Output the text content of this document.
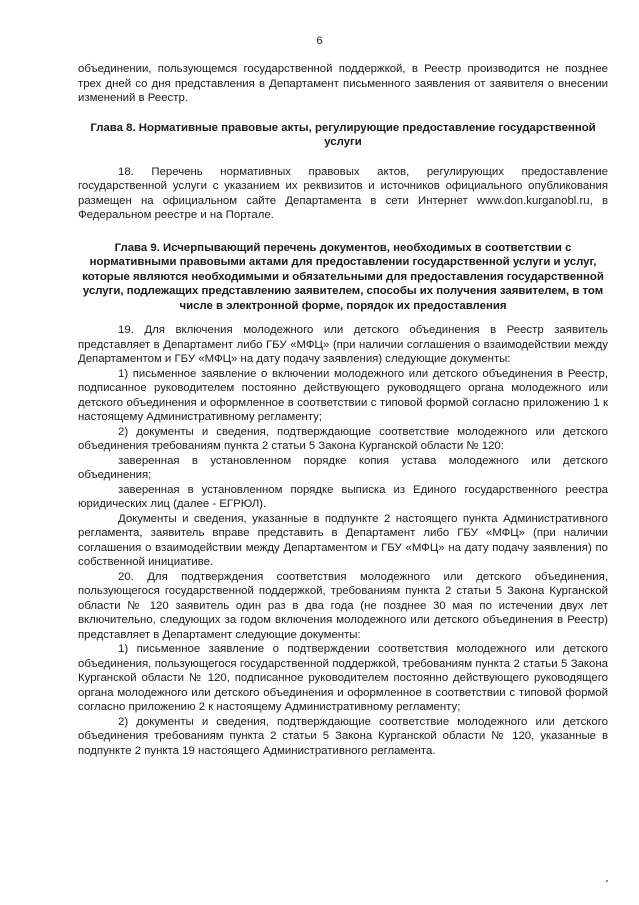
6

объединении, пользующемся государственной поддержкой, в Реестр производится не позднее трех дней со дня представления в Департамент письменного заявления от заявителя о внесении изменений в Реестр.

Глава 8. Нормативные правовые акты, регулирующие предоставление государственной услуги

18. Перечень нормативных правовых актов, регулирующих предоставление государственной услуги с указанием их реквизитов и источников официального опубликования размещен на официальном сайте Департамента в сети Интернет www.don.kurganobl.ru, в Федеральном реестре и на Портале.

Глава 9. Исчерпывающий перечень документов, необходимых в соответствии с нормативными правовыми актами для предоставлении государственной услуги и услуг, которые являются необходимыми и обязательными для предоставления государственной услуги, подлежащих представлению заявителем, способы их получения заявителем, в том числе в электронной форме, порядок их предоставления

19. Для включения молодежного или детского объединения в Реестр заявитель представляет в Департамент либо ГБУ «МФЦ» (при наличии соглашения о взаимодействии между Департаментом и ГБУ «МФЦ» на дату подачу заявления) следующие документы:

1) письменное заявление о включении молодежного или детского объединения в Реестр, подписанное руководителем постоянно действующего руководящего органа молодежного или детского объединения и оформленное в соответствии с типовой формой согласно приложению 1 к настоящему Административному регламенту;

2) документы и сведения, подтверждающие соответствие молодежного или детского объединения требованиям пункта 2 статьи 5 Закона Курганской области № 120:

заверенная в установленном порядке копия устава молодежного или детского объединения;

заверенная в установленном порядке выписка из Единого государственного реестра юридических лиц (далее - ЕГРЮЛ).

Документы и сведения, указанные в подпункте 2 настоящего пункта Административного регламента, заявитель вправе представить в Департамент либо ГБУ «МФЦ» (при наличии соглашения о взаимодействии между Департаментом и ГБУ «МФЦ» на дату подачу заявления) по собственной инициативе.

20. Для подтверждения соответствия молодежного или детского объединения, пользующегося государственной поддержкой, требованиям пункта 2 статьи 5 Закона Курганской области № 120 заявитель один раз в два года (не позднее 30 мая по истечении двух лет включительно, следующих за годом включения молодежного или детского объединения в Реестр) представляет в Департамент следующие документы:

1) письменное заявление о подтверждении соответствия молодежного или детского объединения, пользующегося государственной поддержкой, требованиям пункта 2 статьи 5 Закона Курганской области № 120, подписанное руководителем постоянно действующего руководящего органа молодежного или детского объединения и оформленное в соответствии с типовой формой согласно приложению 2 к настоящему Административному регламенту;

2) документы и сведения, подтверждающие соответствие молодежного или детского объединения требованиям пункта 2 статьи 5 Закона Курганской области № 120, указанные в подпункте 2 пункта 19 настоящего Административного регламента.
